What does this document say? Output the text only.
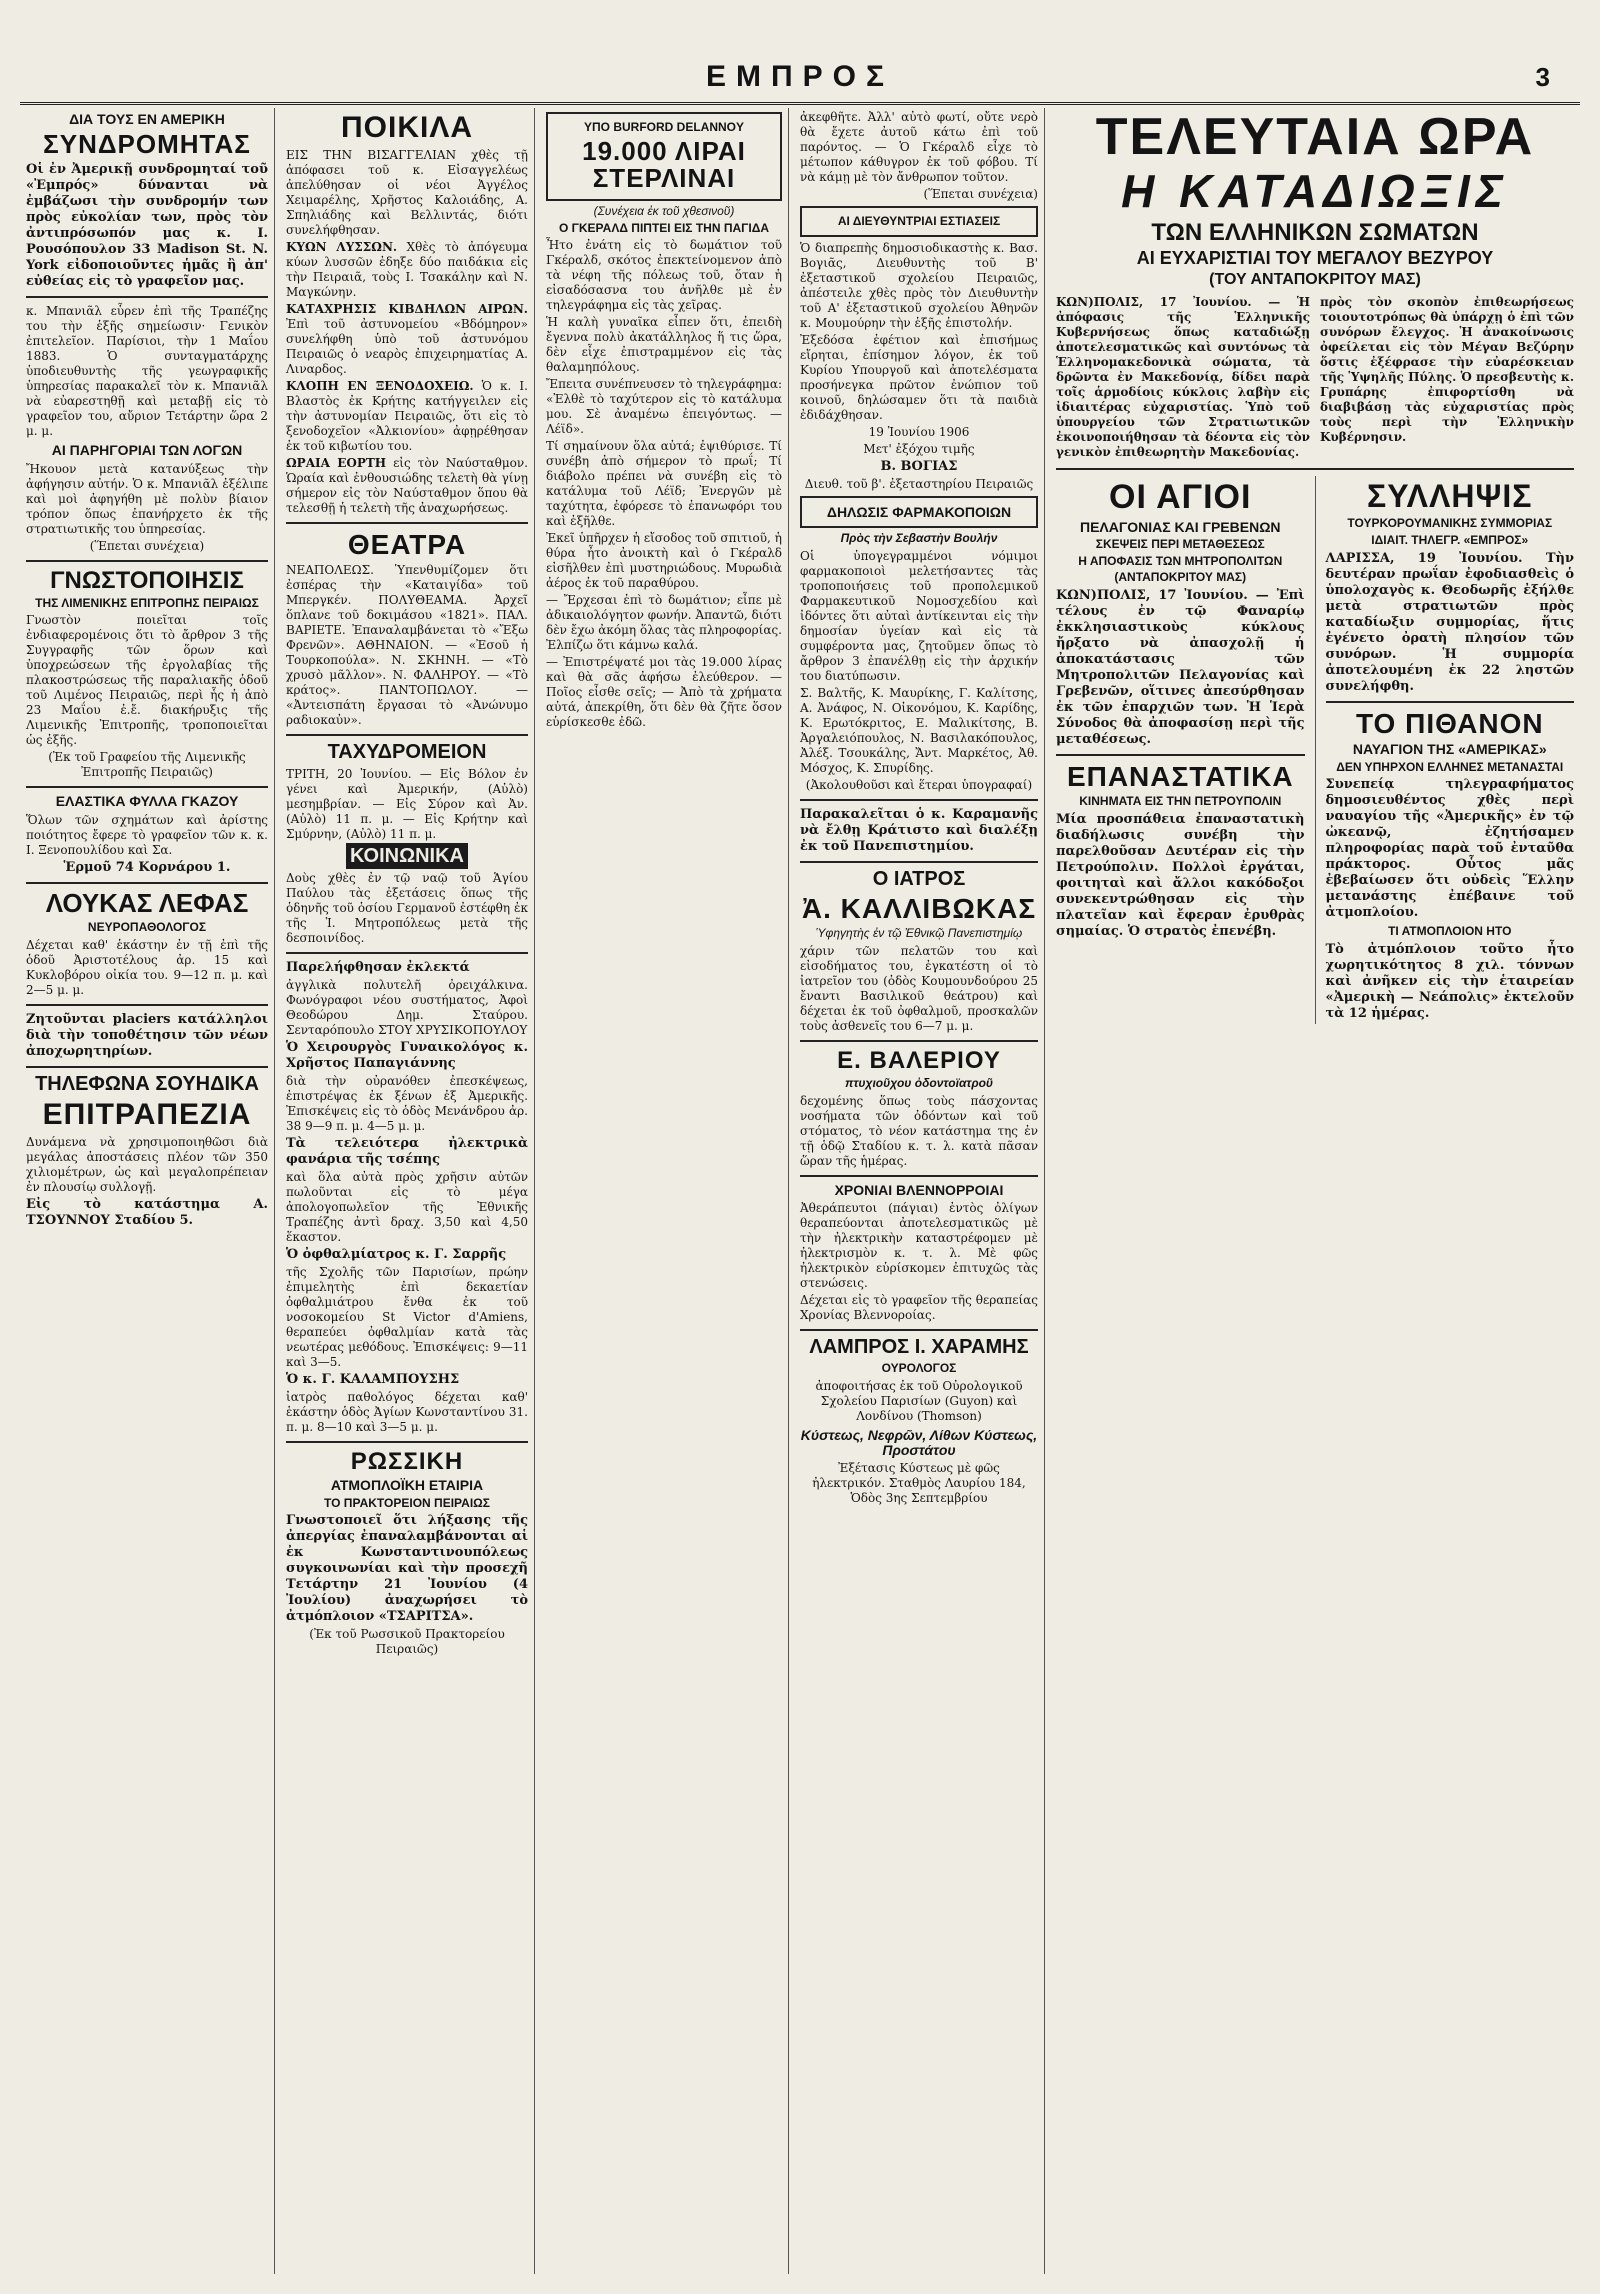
ΕΜΠΡΟΣ	3
ΔΙΑ ΤΟΥΣ ΕΝ ΑΜΕΡΙΚΗ
ΣΥΝΔΡΟΜΗΤΑΣ

Οἱ ἐν Ἀμερικῇ συνδρομηταί τοῦ «Ἐμπρός» δύνανται νὰ ἐμβάζωσι τὴν συνδρομήν των πρὸς εὐκολίαν των, πρὸς τὸν ἀντιπρόσωπόν μας κ. Ι. Ρουσόπουλον 33 Madison St. N. York εἰδοποιοῦντες ἡμᾶς ἢ ἀπ' εὐθείας εἰς τὸ γραφεῖον μας.

κ. Μπανιᾶλ εὗρεν ἐπὶ τῆς Τραπέζης του τὴν ἑξῆς σημείωσιν· Γενικὸν ἐπιτελεῖον. Παρίσιοι, τὴν 1 Μαΐου 1883. Ὁ συνταγματάρχης ὑποδιευθυντὴς τῆς γεωγραφικῆς ὑπηρεσίας παρακαλεῖ τὸν κ. Μπανιᾶλ νὰ εὐαρεστηθῇ καὶ μεταβῇ εἰς τὸ γραφεῖον του, αὔριον Τετάρτην ὥρα 2 μ. μ.

ΑΙ ΠΑΡΗΓΟΡΙΑΙ ΤΩΝ ΛΟΓΩΝ

Ἤκουον μετὰ κατανύξεως τὴν ἀφήγησιν αὐτήν. Ὁ κ. Μπανιᾶλ ἐξέλιπε καὶ μοὶ ἀφηγήθη μὲ πολὺν βίαιον τρόπον ὅπως ἐπανήρχετο ἐκ τῆς στρατιωτικῆς του ὑπηρεσίας.

(Ἕπεται συνέχεια)

ΓΝΩΣΤΟΠΟΙΗΣΙΣ
ΤΗΣ ΛΙΜΕΝΙΚΗΣ ΕΠΙΤΡΟΠΗΣ ΠΕΙΡΑΙΩΣ

Γνωστὸν ποιεῖται τοῖς ἐνδιαφερομένοις ὅτι τὸ ἄρθρον 3 τῆς Συγγραφῆς τῶν ὅρων καὶ ὑποχρεώσεων τῆς ἐργολαβίας τῆς πλακοστρώσεως τῆς παραλιακῆς ὁδοῦ τοῦ Λιμένος Πειραιῶς, περὶ ἧς ἡ ἀπὸ 23 Μαΐου ἐ.ἔ. διακήρυξις τῆς Λιμενικῆς Ἐπιτροπῆς, τροποποιεῖται ὡς ἑξῆς.

(Ἐκ τοῦ Γραφείου τῆς Λιμενικῆς Ἐπιτροπῆς Πειραιῶς)

ΕΛΑΣΤΙΚΑ ΦΥΛΛΑ ΓΚΑΖΟΥ

Ὅλων τῶν σχημάτων καὶ ἀρίστης ποιότητος ἔφερε τὸ γραφεῖον τῶν κ. κ. Ι. Ξενοπουλίδου καὶ Σα.

Ἑρμοῦ 74 Κορνάρου 1.

ΛΟΥΚΑΣ ΛΕΦΑΣ
ΝΕΥΡΟΠΑΘΟΛΟΓΟΣ

Δέχεται καθ' ἑκάστην ἐν τῇ ἐπὶ τῆς ὁδοῦ Ἀριστοτέλους ἀρ. 15 καὶ Κυκλοβόρου οἰκία του. 9—12 π. μ. καὶ 2—5 μ. μ.

Ζητοῦνται placiers κατάλληλοι διὰ τὴν τοποθέτησιν τῶν νέων ἀποχωρητηρίων.

ΤΗΛΕΦΩΝΑ ΣΟΥΗΔΙΚΑ
ΕΠΙΤΡΑΠΕΖΙΑ

Δυνάμενα νὰ χρησιμοποιηθῶσι διὰ μεγάλας ἀποστάσεις πλέον τῶν 350 χιλιομέτρων, ὡς καὶ μεγαλοπρέπειαν ἐν πλουσίῳ συλλογῇ.

Εἰς τὸ κατάστημα Α. ΤΣΟΥΝΝΟΥ Σταδίου 5.

ΠΟΙΚΙΛΑ

ΕΙΣ ΤΗΝ ΒΙΣΑΓΓΕΛΙΑΝ χθὲς τῇ ἀπόφασει τοῦ κ. Εἰσαγγελέως ἀπελύθησαν οἱ νέοι Ἀγγέλος Χειμαρέλης, Χρῆστος Καλοιάδης, Α. Σπηλιάδης καὶ Βελλιντάς, διότι συνελήφθησαν.

ΚΥΩΝ ΛΥΣΣΩΝ. Χθὲς τὸ ἀπόγευμα κύων λυσσῶν ἐδηξε δύο παιδάκια εἰς τὴν Πειραιᾶ, τοὺς Ι. Τσακάλην καὶ Ν. Μαγκώνην.

ΚΑΤΑΧΡΗΣΙΣ ΚΙΒΔΗΛΩΝ ΑΙΡΩΝ. Ἐπὶ τοῦ ἀστυνομείου «Βδόμηρον» συνελήφθη ὑπὸ τοῦ ἀστυνόμου Πειραιῶς ὁ νεαρὸς ἐπιχειρηματίας Α. Λιναρδος.

ΚΛΟΠΗ ΕΝ ΞΕΝΟΔΟΧΕΙΩ. Ὁ κ. Ι. Βλαστὸς ἐκ Κρήτης κατήγγειλεν εἰς τὴν ἀστυνομίαν Πειραιῶς, ὅτι εἰς τὸ ξενοδοχεῖον «Ἀλκιονίου» ἀφῃρέθησαν ἐκ τοῦ κιβωτίου του.

ΩΡΑΙΑ ΕΟΡΤΗ εἰς τὸν Ναύσταθμον. Ὡραία καὶ ἐνθουσιώδης τελετὴ θὰ γίνῃ σήμερον εἰς τὸν Ναύσταθμον ὅπου θὰ τελεσθῇ ἡ τελετὴ τῆς ἀναχωρήσεως.

ΘΕΑΤΡΑ

ΝΕΑΠΟΛΕΩΣ. Ὑπενθυμίζομεν ὅτι ἐσπέρας τὴν «Καταιγίδα» τοῦ Μπεργκέν. ΠΟΛΥΘΕΑΜΑ. Ἀρχεῖ ὅπλανε τοῦ δοκιμάσου «1821». ΠΑΛ. ΒΑΡΙΕΤΕ. Ἐπαναλαμβάνεται τὸ «Ἔξω Φρενῶν». ΑΘΗΝΑΙΟΝ. — «Ἐσοῦ ἡ Τουρκοπούλα». Ν. ΣΚΗΝΗ. — «Τὸ χρυσὸ μᾶλλον». Ν. ΦΑΛΗΡΟΥ. — «Τὸ κράτος». ΠΑΝΤΟΠΩΛΟΥ. — «Ἀντεισπάτη ἔργασαι τὸ «Ἀνώνυμο ραδιοκαὐν».

ΤΑΧΥΔΡΟΜΕΙΟΝ

ΤΡΙΤΗ, 20 Ἰουνίου. — Εἰς Βόλον ἐν γένει καὶ Ἀμερικήν, (Αὐλὸ) μεσημβρίαν. — Εἰς Σύρον καὶ Ἀν. (Αὐλὸ) 11 π. μ. — Εἰς Κρήτην καὶ Σμύρνην, (Αὐλὸ) 11 π. μ.

ΚΟΙΝΩΝΙΚΑ

Δοὺς χθὲς ἐν τῷ ναῷ τοῦ Ἁγίου Παύλου τὰς ἐξετάσεις ὅπως τῆς ὁδηνῆς τοῦ ὁσίου Γερμανοῦ ἐστέφθη ἐκ τῆς Ἱ. Μητροπόλεως μετὰ τῆς δεσποινίδος.

Παρελήφθησαν ἐκλεκτά

ἀγγλικὰ πολυτελῆ ὀρειχάλκινα. Φωνόγραφοι νέου συστήματος, Ἀφοὶ Θεοδώρου Δημ. Σταύρου. Σενταρόπουλο ΣΤΟΥ ΧΡΥΣΙΚΟΠΟΥΛΟΥ

Ὁ Χειρουργὸς Γυναικολόγος κ. Χρῆστος Παπαγιάννης

διὰ τὴν οὐρανόθεν ἐπεσκέψεως, ἐπιστρέψας ἐκ ξένων ἐξ Ἀμερικῆς. Ἐπισκέψεις εἰς τὸ ὁδὸς Μενάνδρου ἀρ. 38 9—9 π. μ. 4—5 μ. μ.

Τὰ τελειότερα ἠλεκτρικὰ φανάρια τῆς τσέπης

καὶ ὅλα αὐτὰ πρὸς χρῆσιν αὐτῶν πωλοῦνται εἰς τὸ μέγα ἀπολογοπωλεῖον τῆς Ἐθνικῆς Τραπέζης ἀντὶ δραχ. 3,50 καὶ 4,50 ἕκαστον.

Ὁ ὀφθαλμίατρος κ. Γ. Σαρρῆς

τῆς Σχολῆς τῶν Παρισίων, πρώην ἐπιμελητὴς ἐπὶ δεκαετίαν ὀφθαλμιάτρου ἔνθα ἐκ τοῦ νοσοκομείου St Victor d'Amiens, θεραπεύει ὀφθαλμίαν κατὰ τὰς νεωτέρας μεθόδους. Ἐπισκέψεις: 9—11 καὶ 3—5.

Ὁ κ. Γ. ΚΑΛΑΜΠΟΥΣΗΣ

ἰατρὸς παθολόγος δέχεται καθ' ἑκάστην ὁδὸς Ἀγίων Κωνσταντίνου 31. π. μ. 8—10 καὶ 3—5 μ. μ.

ΡΩΣΣΙΚΗ
ΑΤΜΟΠΛΟΪΚΗ ΕΤΑΙΡΙΑ
ΤΟ ΠΡΑΚΤΟΡΕΙΟΝ ΠΕΙΡΑΙΩΣ

Γνωστοποιεῖ ὅτι λήξασης τῆς ἀπεργίας ἐπαναλαμβάνονται αἱ ἐκ Κωνσταντινουπόλεως συγκοινωνίαι καὶ τὴν προσεχῆ Τετάρτην 21 Ἰουνίου (4 Ἰουλίου) ἀναχωρήσει τὸ ἀτμόπλοιον «ΤΣΑΡΙΤΣΑ».

(Ἐκ τοῦ Ρωσσικοῦ Πρακτορείου Πειραιῶς)

ΥΠΟ BURFORD DELANNOY
19.000 ΛΙΡΑΙ ΣΤΕΡΛΙΝΑΙ
(Συνέχεια ἐκ τοῦ χθεσινοῦ)
Ο ΓΚΕΡΑΛΔ ΠΙΠΤΕΙ ΕΙΣ ΤΗΝ ΠΑΓΙΔΑ

Ἦτο ἐνάτη εἰς τὸ δωμάτιον τοῦ Γκέραλδ, σκότος ἐπεκτείνομενον ἀπὸ τὰ νέφη τῆς πόλεως τοῦ, ὅταν ἡ εἰσαδόσασνα του ἀνῆλθε μὲ ἐν τηλεγράφημα εἰς τὰς χεῖρας.

Ἡ καλὴ γυναῖκα εἶπεν ὅτι, ἐπειδὴ ἔγεννα πολὺ ἀκατάλληλος ἥ τις ὥρα, δὲν εἶχε ἐπιστραμμένον εἰς τὰς θαλαμηπόλους.

Ἔπειτα συνέπνευσεν τὸ τηλεγράφημα: «Ἐλθὲ τὸ ταχύτερον εἰς τὸ κατάλυμα μου. Σὲ ἀναμένω ἐπειγόντως. — Λέϊδ».

Τί σημαίνουν ὅλα αὐτά; ἐψιθύρισε. Τί συνέβη ἀπὸ σήμερον τὸ πρωΐ; Τί διάβολο πρέπει νὰ συνέβη εἰς τὸ κατάλυμα τοῦ Λέϊδ; Ἐνεργῶν μὲ ταχύτητα, ἐφόρεσε τὸ ἐπανωφόρι του καὶ ἐξῆλθε.

Ἐκεῖ ὑπῆρχεν ἡ εἴσοδος τοῦ σπιτιοῦ, ἡ θύρα ἦτο ἀνοικτὴ καὶ ὁ Γκέραλδ εἰσῆλθεν ἐπὶ μυστηριώδους. Μυρωδιὰ ἀέρος ἐκ τοῦ παραθύρου.

— Ἔρχεσαι ἐπὶ τὸ δωμάτιον; εἶπε μὲ ἀδικαιολόγητον φωνήν. Ἀπαντῶ, διότι δὲν ἔχω ἀκόμη ὅλας τὰς πληροφορίας. Ἐλπίζω ὅτι κάμνω καλά.

— Ἐπιστρέψατέ μοι τὰς 19.000 λίρας καὶ θὰ σᾶς ἀφήσω ἐλεύθερον. — Ποῖος εἶσθε σεῖς; — Ἀπὸ τὰ χρήματα αὐτά, ἀπεκρίθη, ὅτι δὲν θὰ ζῆτε ὅσον εὑρίσκεσθε ἐδῶ.

ἀκεφθῆτε. Ἀλλ' αὐτὸ φωτί, οὔτε νερὸ θὰ ἔχετε ἀυτοῦ κάτω ἐπὶ τοῦ παρόντος. — Ὁ Γκέραλδ εἶχε τὸ μέτωπον κάθυγρον ἐκ τοῦ φόβου. Τί νὰ κάμῃ μὲ τὸν ἄνθρωπον τοῦτον.

(Ἕπεται συνέχεια)

ΑΙ ΔΙΕΥΘΥΝΤΡΙΑΙ ΕΣΤΙΑΣΕΙΣ

Ὁ διαπρεπὴς δημοσιοδικαστὴς κ. Βασ. Βογιᾶς, Διευθυντὴς τοῦ Β' ἐξεταστικοῦ σχολείου Πειραιῶς, ἀπέστειλε χθὲς πρὸς τὸν Διευθυντὴν τοῦ Α' ἐξεταστικοῦ σχολείου Ἀθηνῶν κ. Μουμούρην τὴν ἑξῆς ἐπιστολήν.

Ἐξεδόσα ἐφέτιον καὶ ἐπισήμως εἴρηται, ἐπίσημον λόγον, ἐκ τοῦ Κυρίου Υπουργοῦ καὶ ἀποτελέσματα προσήνεγκα πρῶτον ἐνώπιον τοῦ κοινοῦ, δηλώσαμεν ὅτι τὰ παιδιὰ ἐδιδάχθησαν.

19 Ἰουνίου 1906

Μετ' ἐξόχου τιμῆς

Β. ΒΟΓΙΑΣ

Διευθ. τοῦ β'. ἐξεταστηρίου Πειραιῶς

ΔΗΛΩΣΙΣ ΦΑΡΜΑΚΟΠΟΙΩΝ
Πρὸς τὴν Σεβαστὴν Βουλήν

Οἱ ὑπογεγραμμένοι νόμιμοι φαρμακοποιοὶ μελετήσαντες τὰς τροποποιήσεις τοῦ προπολεμικοῦ Φαρμακευτικοῦ Νομοσχεδίου καὶ ἰδόντες ὅτι αὐταὶ ἀντίκεινται εἰς τὴν δημοσίαν ὑγείαν καὶ εἰς τὰ συμφέροντα μας, ζητοῦμεν ὅπως τὸ ἄρθρον 3 ἐπανέλθῃ εἰς τὴν ἀρχικήν του διατύπωσιν.

Σ. Βαλτῆς, Κ. Μαυρίκης, Γ. Καλίτσης, Α. Ἀνάφος, Ν. Οἰκονόμου, Κ. Καρίδης, Κ. Ερωτόκριτος, Ε. Μαλικίτσης, Β. Ἀργαλειόπουλος, Ν. Βασιλακόπουλος, Ἀλέξ. Τσουκάλης, Ἄντ. Μαρκέτος, Ἀθ. Μόσχος, Κ. Σπυρίδης.

(Ἀκολουθοῦσι καὶ ἕτεραι ὑπογραφαί)

Παρακαλεῖται ὁ κ. Καραμανῆς νὰ ἔλθῃ Κράτιστο καὶ διαλέξῃ ἐκ τοῦ Πανεπιστημίου.

Ο ΙΑΤΡΟΣ
Ἀ. ΚΑΛΛΙΒΩΚΑΣ
Ὑφηγητὴς ἐν τῷ Ἐθνικῷ Πανεπιστημίῳ

χάριν τῶν πελατῶν του καὶ εἰσοδήματος του, ἐγκατέστη οἱ τὸ ἰατρεῖον του (ὁδὸς Κουμουνδούρου 25 ἔναντι Βασιλικοῦ θεάτρου) καὶ δέχεται ἐκ τοῦ ὀφθαλμοῦ, προσκαλῶν τοὺς ἀσθενεῖς του 6—7 μ. μ.

Ε. ΒΑΛΕΡΙΟΥ
πτυχιοῦχου ὀδοντοϊατροῦ

δεχομένης ὅπως τοὺς πάσχοντας νοσήματα τῶν ὀδόντων καὶ τοῦ στόματος, τὸ νέον κατάστημα της ἐν τῇ ὁδῷ Σταδίου κ. τ. λ. κατὰ πᾶσαν ὥραν τῆς ἡμέρας.

ΧΡΟΝΙΑΙ ΒΛΕΝΝΟΡΡΟΙΑΙ

Ἀθεράπευτοι (πάγιαι) ἐντὸς ὀλίγων θεραπεύονται ἀποτελεσματικῶς μὲ τὴν ἠλεκτρικὴν καταστρέφομεν μὲ ἠλεκτρισμὸν κ. τ. λ. Μὲ φῶς ἠλεκτρικὸν εὑρίσκομεν ἐπιτυχῶς τὰς στενώσεις.

Δέχεται εἰς τὸ γραφεῖον τῆς θεραπείας Χρονίας Βλεννοροίας.

ΛΑΜΠΡΟΣ Ι. ΧΑΡΑΜΗΣ
ΟΥΡΟΛΟΓΟΣ

ἀποφοιτήσας ἐκ τοῦ Οὐρολογικοῦ Σχολείου Παρισίων (Guyon) καὶ Λονδίνου (Thomson)

Κύστεως, Νεφρῶν, Λίθων Κύστεως, Προστάτου

Ἐξέτασις Κύστεως μὲ φῶς ἠλεκτρικόν. Σταθμὸς Λαυρίου 184, Ὁδὸς 3ης Σεπτεμβρίου

ΤΕΛΕΥΤΑΙΑ ΩΡΑ
Η ΚΑΤΑΔΙΩΞΙΣ
ΤΩΝ ΕΛΛΗΝΙΚΩΝ ΣΩΜΑΤΩΝ
ΑΙ ΕΥΧΑΡΙΣΤΙΑΙ ΤΟΥ ΜΕΓΑΛΟΥ ΒΕΖΥΡΟΥ
(ΤΟΥ ΑΝΤΑΠΟΚΡΙΤΟΥ ΜΑΣ)

ΚΩΝ)ΠΟΛΙΣ, 17 Ἰουνίου. — Ἡ ἀπόφασις τῆς Ἑλληνικῆς Κυβερνήσεως ὅπως καταδιώξῃ ἀποτελεσματικῶς καὶ συντόνως τὰ Ἑλληνομακεδονικὰ σώματα, τὰ δρῶντα ἐν Μακεδονίᾳ, δίδει παρὰ τοῖς ἁρμοδίοις κύκλοις λαβὴν εἰς ἰδιαιτέρας εὐχαριστίας. Ὑπὸ τοῦ ὑπουργείου τῶν Στρατιωτικῶν ἐκοινοποιήθησαν τὰ δέοντα εἰς τὸν γενικὸν ἐπιθεωρητὴν Μακεδονίας.

πρὸς τὸν σκοπὸν ἐπιθεωρήσεως τοιουτοτρόπως θὰ ὑπάρχῃ ὁ ἐπὶ τῶν συνόρων ἔλεγχος. Ἡ ἀνακοίνωσις ὀφείλεται εἰς τὸν Μέγαν Βεζύρην ὅστις ἐξέφρασε τὴν εὐαρέσκειαν τῆς Ὑψηλῆς Πύλης. Ὁ πρεσβευτὴς κ. Γρυπάρης ἐπιφορτίσθη νὰ διαβιβάσῃ τὰς εὐχαριστίας πρὸς τοὺς περὶ τὴν Ἑλληνικὴν Κυβέρνησιν.

ΟΙ ΑΓΙΟΙ
ΠΕΛΑΓΟΝΙΑΣ ΚΑΙ ΓΡΕΒΕΝΩΝ
ΣΚΕΨΕΙΣ ΠΕΡΙ ΜΕΤΑΘΕΣΕΩΣ
Η ΑΠΟΦΑΣΙΣ ΤΩΝ ΜΗΤΡΟΠΟΛΙΤΩΝ
(ΑΝΤΑΠΟΚΡΙΤΟΥ ΜΑΣ)

ΚΩΝ)ΠΟΛΙΣ, 17 Ἰουνίου. — Ἐπὶ τέλους ἐν τῷ Φαναρίῳ ἐκκλησιαστικοὺς κύκλους ἤρξατο νὰ ἀπασχολῇ ἡ ἀποκατάστασις τῶν Μητροπολιτῶν Πελαγονίας καὶ Γρεβενῶν, οἵτινες ἀπεσύρθησαν ἐκ τῶν ἐπαρχιῶν των. Ἡ Ἱερὰ Σύνοδος θὰ ἀποφασίσῃ περὶ τῆς μεταθέσεως.

ΕΠΑΝΑΣΤΑΤΙΚΑ
ΚΙΝΗΜΑΤΑ ΕΙΣ ΤΗΝ ΠΕΤΡΟΥΠΟΛΙΝ

Μία προσπάθεια ἐπαναστατικὴ διαδήλωσις συνέβη τὴν παρελθοῦσαν Δευτέραν εἰς τὴν Πετρούπολιν. Πολλοὶ ἐργάται, φοιτηταὶ καὶ ἄλλοι κακόδοξοι συνεκεντρώθησαν εἰς τὴν πλατεῖαν καὶ ἔφεραν ἐρυθρὰς σημαίας. Ὁ στρατὸς ἐπενέβη.

ΣΥΛΛΗΨΙΣ
ΤΟΥΡΚΟΡΟΥΜΑΝΙΚΗΣ ΣΥΜΜΟΡΙΑΣ
ΙΔΙΑΙΤ. ΤΗΛΕΓΡ. «ΕΜΠΡΟΣ»

ΛΑΡΙΣΣΑ, 19 Ἰουνίου. Τὴν δευτέραν πρωΐαν ἐφοδιασθεὶς ὁ ὑπολοχαγὸς κ. Θεοδωρῆς ἐξήλθε μετὰ στρατιωτῶν πρὸς καταδίωξιν συμμορίας, ἥτις ἐγένετο ὀρατὴ πλησίον τῶν συνόρων. Ἡ συμμορία ἀποτελουμένη ἐκ 22 ληστῶν συνελήφθη.

ΤΟ ΠΙΘΑΝΟΝ
ΝΑΥΑΓΙΟΝ ΤΗΣ «ΑΜΕΡΙΚΑΣ»
ΔΕΝ ΥΠΗΡΧΟΝ ΕΛΛΗΝΕΣ ΜΕΤΑΝΑΣΤΑΙ

Συνεπείᾳ τηλεγραφήματος δημοσιευθέντος χθὲς περὶ ναυαγίου τῆς «Ἀμερικῆς» ἐν τῷ ὠκεανῷ, ἐζητήσαμεν πληροφορίας παρὰ τοῦ ἐνταῦθα πράκτορος. Οὗτος μᾶς ἐβεβαίωσεν ὅτι οὐδεὶς Ἕλλην μετανάστης ἐπέβαινε τοῦ ἀτμοπλοίου.

ΤΙ ΑΤΜΟΠΛΟΙΟΝ ΗΤΟ

Τὸ ἀτμόπλοιον τοῦτο ἦτο χωρητικότητος 8 χιλ. τόννων καὶ ἀνῆκεν εἰς τὴν ἑταιρείαν «Ἀμερικὴ — Νεάπολις» ἐκτελοῦν τὰ 12 ἡμέρας.
